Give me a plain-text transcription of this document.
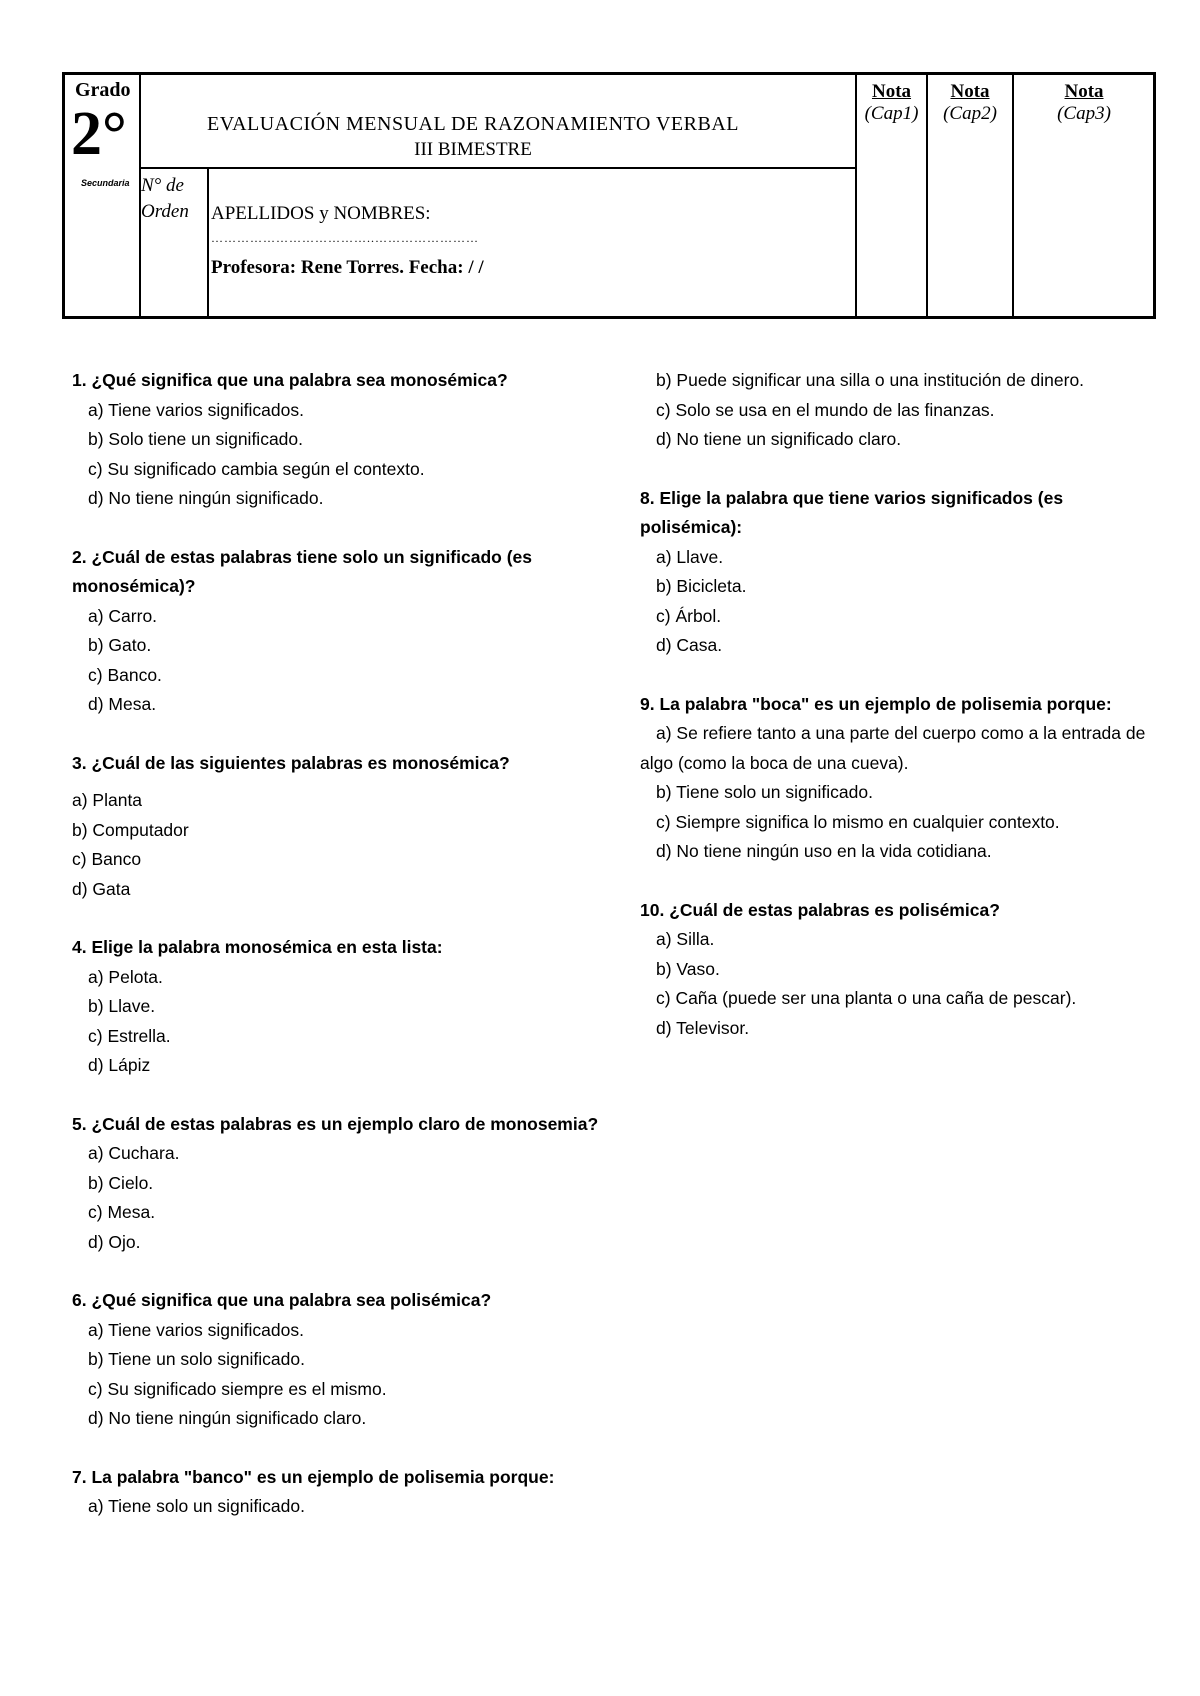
Grado
2°
Secundaria
EVALUACIÓN MENSUAL DE RAZONAMIENTO VERBAL
III BIMESTRE
N° de Orden	APELLIDOS y NOMBRES:
………………………………..……………………
Profesora: Rene Torres. Fecha: / /
Nota
(Cap1)
Nota
(Cap2)
Nota
(Cap3)
1. ¿Qué significa que una palabra sea monosémica?
a) Tiene varios significados.
b) Solo tiene un significado.
c) Su significado cambia según el contexto.
d) No tiene ningún significado.
2. ¿Cuál de estas palabras tiene solo un significado (es monosémica)?
a) Carro.
b) Gato.
c) Banco.
d) Mesa.
3. ¿Cuál de las siguientes palabras es monosémica?
a) Planta
b) Computador
c) Banco
d) Gata
4. Elige la palabra monosémica en esta lista:
a) Pelota.
b) Llave.
c) Estrella.
d) Lápiz
5. ¿Cuál de estas palabras es un ejemplo claro de monosemia?
a) Cuchara.
b) Cielo.
c) Mesa.
d) Ojo.
6. ¿Qué significa que una palabra sea polisémica?
a) Tiene varios significados.
b) Tiene un solo significado.
c) Su significado siempre es el mismo.
d) No tiene ningún significado claro.
7. La palabra "banco" es un ejemplo de polisemia porque:
a) Tiene solo un significado.
b) Puede significar una silla o una institución de dinero.
c) Solo se usa en el mundo de las finanzas.
d) No tiene un significado claro.
8. Elige la palabra que tiene varios significados (es polisémica):
a) Llave.
b) Bicicleta.
c) Árbol.
d) Casa.
9. La palabra "boca" es un ejemplo de polisemia porque:
a) Se refiere tanto a una parte del cuerpo como a la entrada de algo (como la boca de una cueva).
b) Tiene solo un significado.
c) Siempre significa lo mismo en cualquier contexto.
d) No tiene ningún uso en la vida cotidiana.
10. ¿Cuál de estas palabras es polisémica?
a) Silla.
b) Vaso.
c) Caña (puede ser una planta o una caña de pescar).
d) Televisor.
